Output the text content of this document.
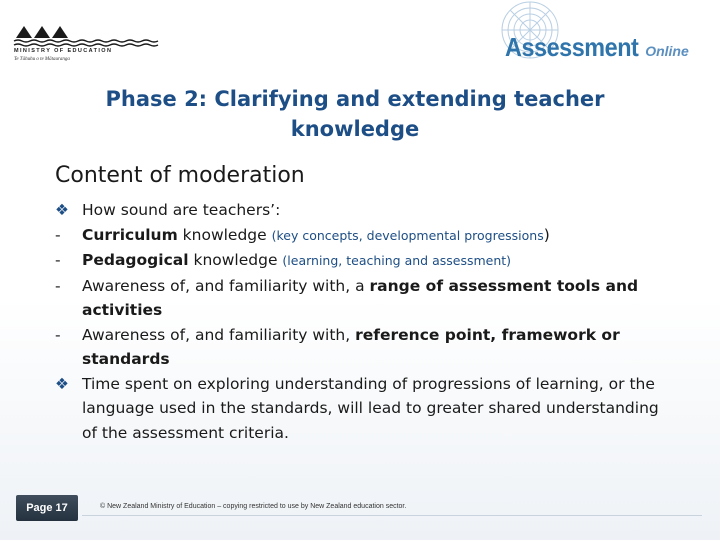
MINISTRY OF EDUCATION
Te Tāhuhu o te Mātauranga	Assessment Online
Phase 2: Clarifying and extending teacher
knowledge
Content of moderation
❖ How sound are teachers’:
-	Curriculum knowledge (key concepts, developmental progressions)
-	Pedagogical knowledge (learning, teaching and assessment)
-	Awareness of, and familiarity with, a range of assessment tools and activities
-	Awareness of, and familiarity with, reference point, framework or standards
❖ Time spent on exploring understanding of progressions of learning, or the language used in the standards, will lead to greater shared understanding of the assessment criteria.
Page 17	© New Zealand Ministry of Education – copying restricted to use by New Zealand education sector.
